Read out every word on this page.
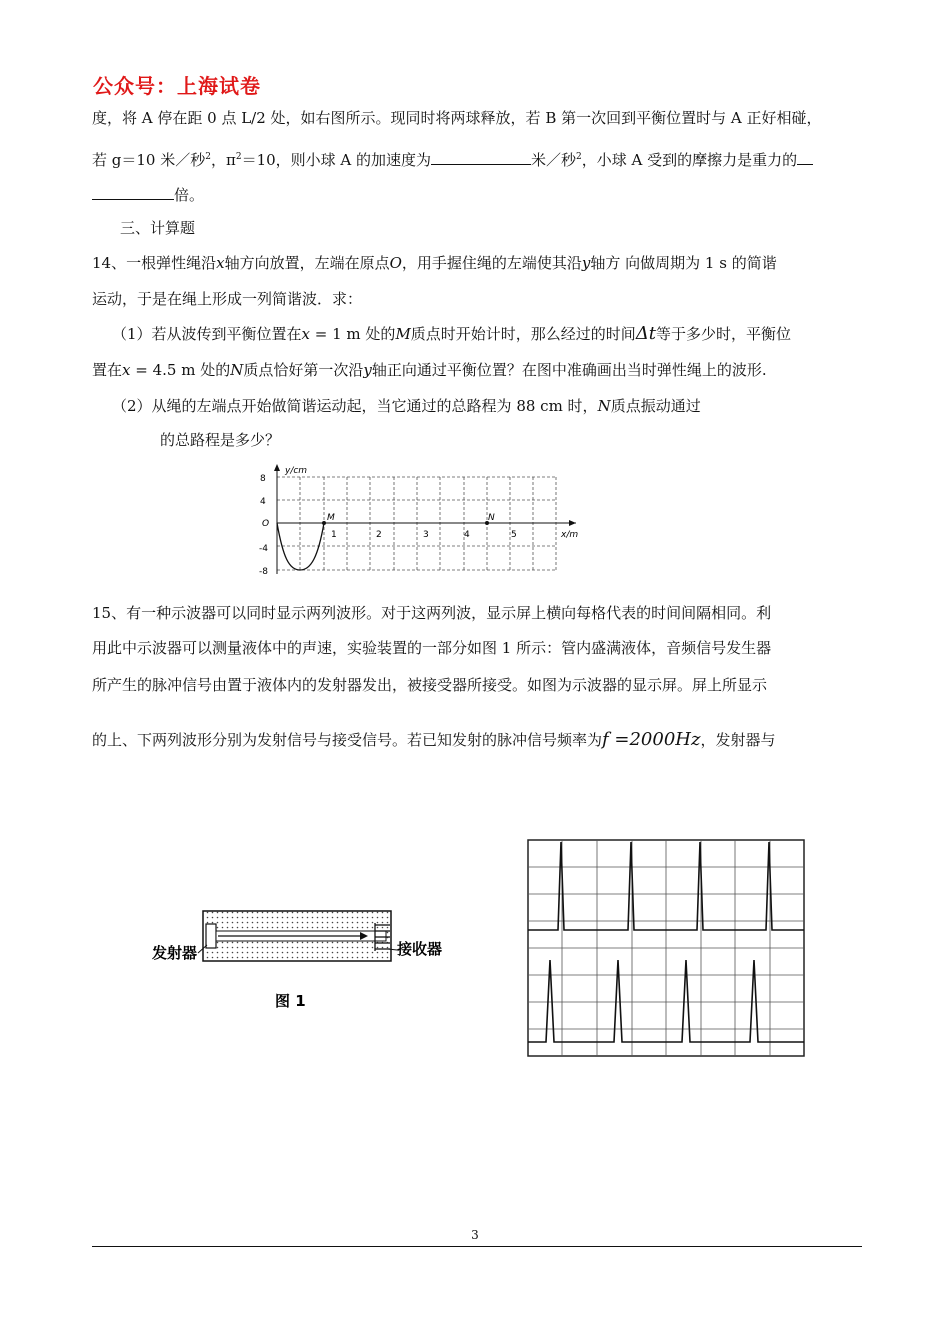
公众号：上海试卷
度，将 A 停在距 0 点 L/2 处，如右图所示。现同时将两球释放，若 B 第一次回到平衡位置时与 A 正好相碰，
若 g＝10 米／秒$^2$，$\pi^2=10$，则小球 A 的加速度为	米／秒$^2$，小球 A 受到的摩擦力是重力的
倍。
三、计算题
14、一根弹性绳沿x轴方向放置，左端在原点O，用手握住绳的左端使其沿y轴方 向做周期为 1 s 的简谐
运动，于是在绳上形成一列简谐波．求：
（1）若从波传到平衡位置在x = 1 m 处的M质点时开始计时，那么经过的时间Δt等于多少时，平衡位
置在x = 4.5 m 处的N质点恰好第一次沿y轴正向通过平衡位置？在图中准确画出当时弹性绳上的波形.
（2）从绳的左端点开始做简谐运动起，当它通过的总路程为 88 cm 时，N质点振动通过
的总路程是多少？
y/cm
8
4
O
-4
-8
M	N
1	2	3	4	5	x/m
15、有一种示波器可以同时显示两列波形。对于这两列波，显示屏上横向每格代表的时间间隔相同。利
用此中示波器可以测量液体中的声速，实验装置的一部分如图 1 所示：管内盛满液体，音频信号发生器
所产生的脉冲信号由置于液体内的发射器发出，被接受器所接受。如图为示波器的显示屏。屏上所显示
的上、下两列波形分别为发射信号与接受信号。若已知发射的脉冲信号频率为f =2000Hz，发射器与
发射器	接收器
图 1
3
